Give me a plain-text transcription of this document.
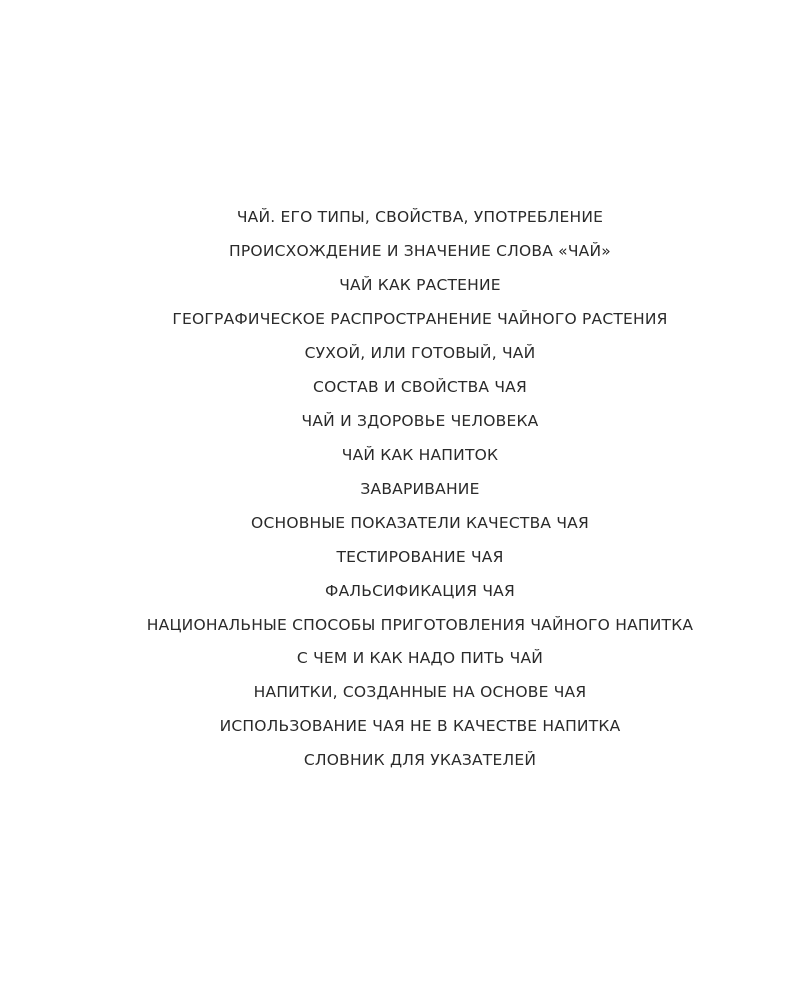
ЧАЙ. ЕГО ТИПЫ, СВОЙСТВА, УПОТРЕБЛЕНИЕ
ПРОИСХОЖДЕНИЕ И ЗНАЧЕНИЕ СЛОВА «ЧАЙ»
ЧАЙ КАК РАСТЕНИЕ
ГЕОГРАФИЧЕСКОЕ РАСПРОСТРАНЕНИЕ ЧАЙНОГО РАСТЕНИЯ
СУХОЙ, ИЛИ ГОТОВЫЙ, ЧАЙ
СОСТАВ И СВОЙСТВА ЧАЯ
ЧАЙ И ЗДОРОВЬЕ ЧЕЛОВЕКА
ЧАЙ КАК НАПИТОК
ЗАВАРИВАНИЕ
ОСНОВНЫЕ ПОКАЗАТЕЛИ КАЧЕСТВА ЧАЯ
ТЕСТИРОВАНИЕ ЧАЯ
ФАЛЬСИФИКАЦИЯ ЧАЯ
НАЦИОНАЛЬНЫЕ СПОСОБЫ ПРИГОТОВЛЕНИЯ ЧАЙНОГО НАПИТКА
С ЧЕМ И КАК НАДО ПИТЬ ЧАЙ
НАПИТКИ, СОЗДАННЫЕ НА ОСНОВЕ ЧАЯ
ИСПОЛЬЗОВАНИЕ ЧАЯ НЕ В КАЧЕСТВЕ НАПИТКА
СЛОВНИК ДЛЯ УКАЗАТЕЛЕЙ
